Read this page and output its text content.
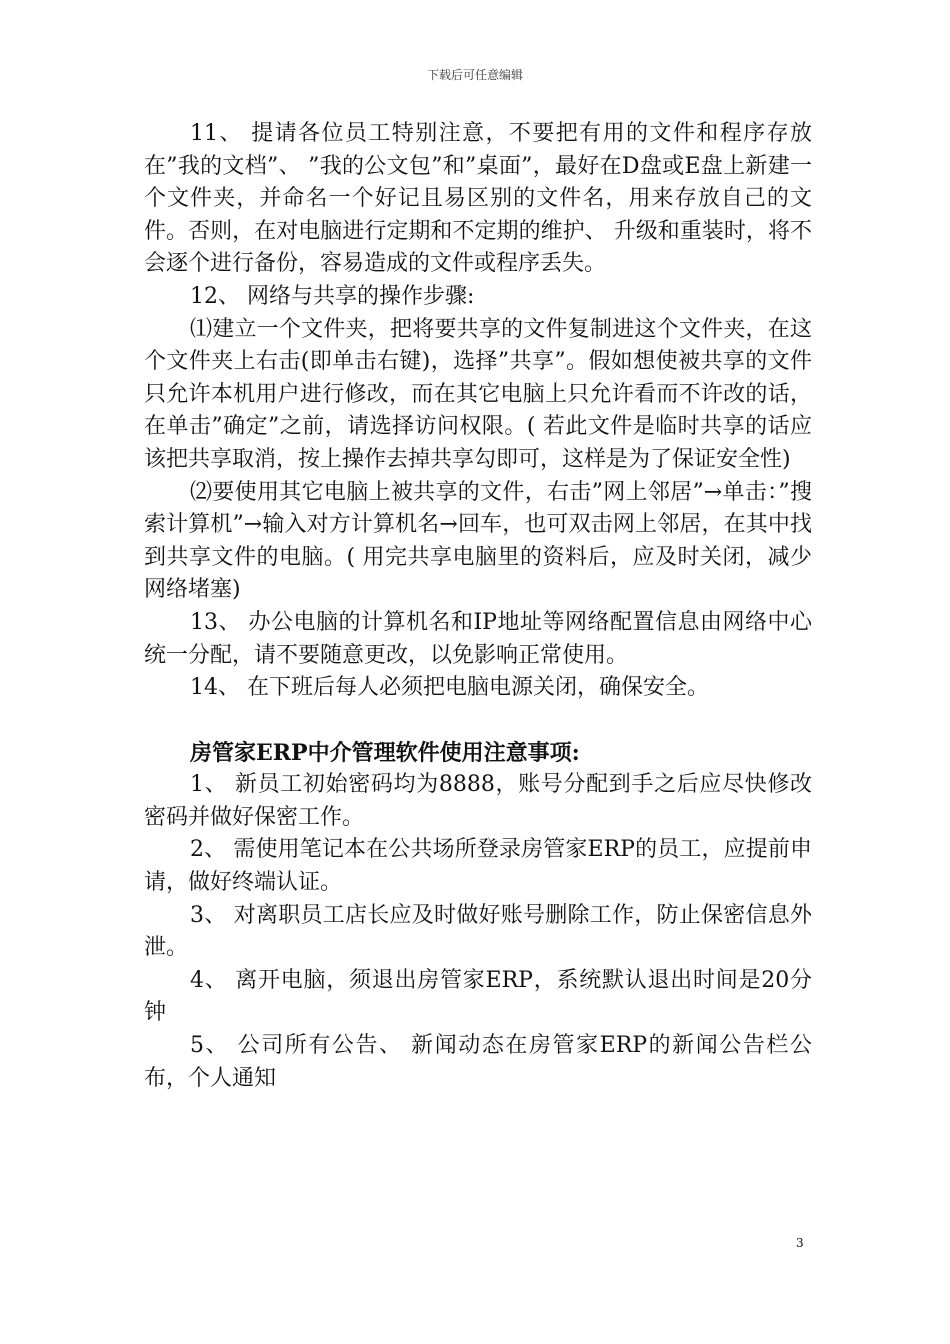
下载后可任意编辑

11、 提请各位员工特别注意，不要把有用的文件和程序存放在”我的文档”、 ”我的公文包”和”桌面”，最好在D盘或E盘上新建一个文件夹，并命名一个好记且易区别的文件名，用来存放自己的文件。否则，在对电脑进行定期和不定期的维护、 升级和重装时，将不会逐个进行备份，容易造成的文件或程序丢失。

12、 网络与共享的操作步骤:

⑴建立一个文件夹，把将要共享的文件复制进这个文件夹，在这个文件夹上右击(即单击右键)，选择”共享”。假如想使被共享的文件只允许本机用户进行修改，而在其它电脑上只允许看而不许改的话，在单击”确定”之前，请选择访问权限。( 若此文件是临时共享的话应该把共享取消，按上操作去掉共享勾即可，这样是为了保证安全性)

⑵要使用其它电脑上被共享的文件，右击”网上邻居”→单击：”搜索计算机”→输入对方计算机名→回车，也可双击网上邻居，在其中找到共享文件的电脑。( 用完共享电脑里的资料后，应及时关闭，减少网络堵塞)

13、 办公电脑的计算机名和IP地址等网络配置信息由网络中心统一分配，请不要随意更改，以免影响正常使用。

14、 在下班后每人必须把电脑电源关闭，确保安全。

房管家ERP中介管理软件使用注意事项:

1、 新员工初始密码均为8888，账号分配到手之后应尽快修改密码并做好保密工作。

2、 需使用笔记本在公共场所登录房管家ERP的员工，应提前申请，做好终端认证。

3、 对离职员工店长应及时做好账号删除工作，防止保密信息外泄。

4、 离开电脑，须退出房管家ERP，系统默认退出时间是20分钟

5、 公司所有公告、 新闻动态在房管家ERP的新闻公告栏公布，个人通知

3
